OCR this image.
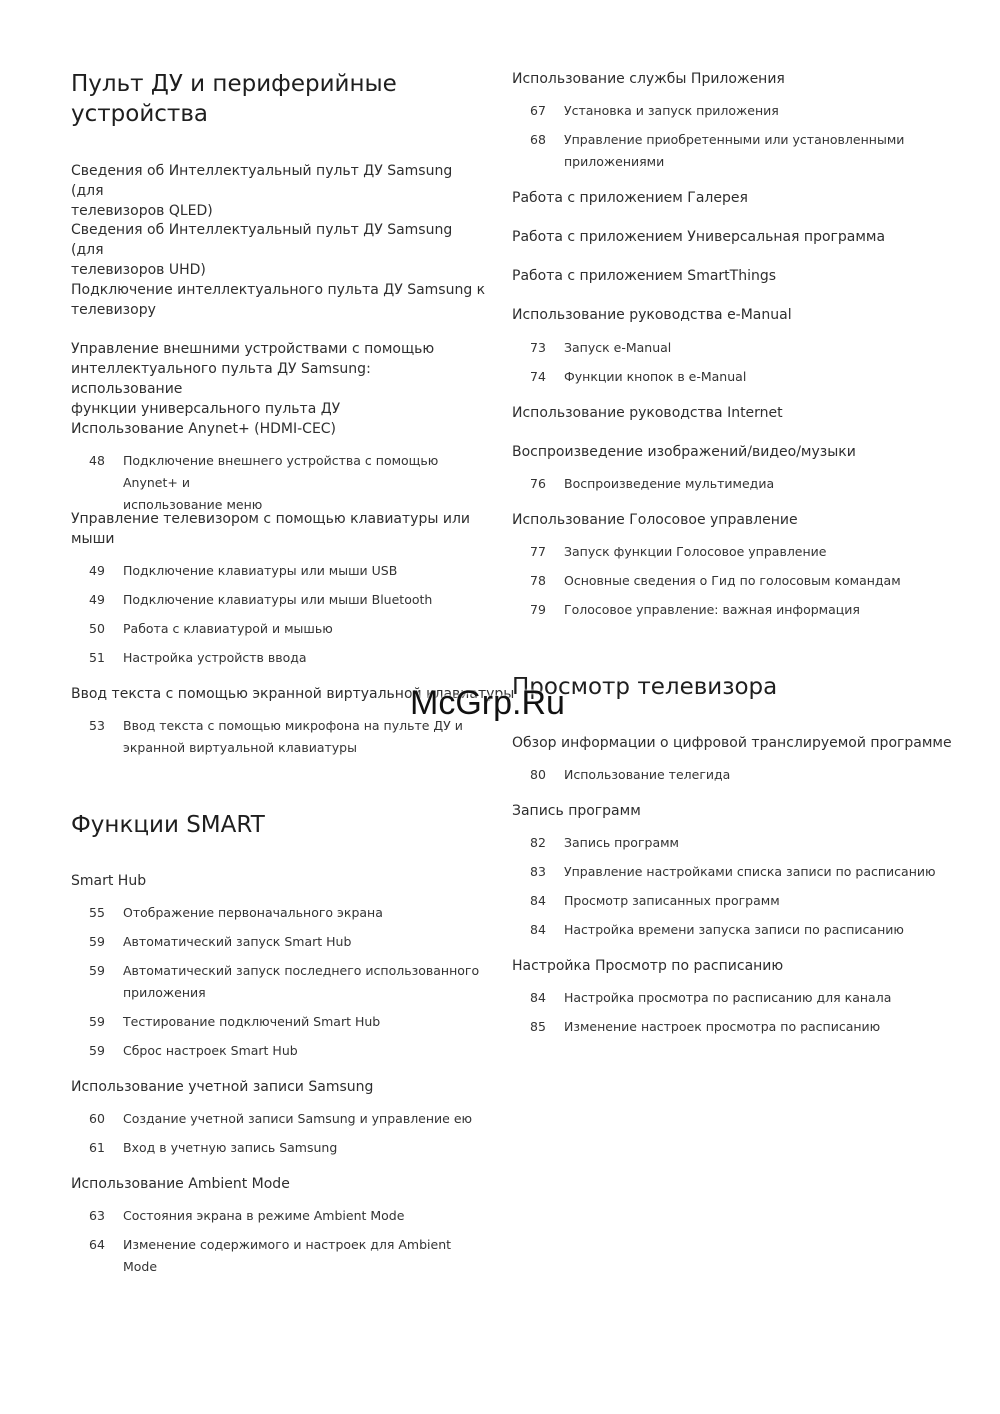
Пульт ДУ и периферийные
устройства
Сведения об Интеллектуальный пульт ДУ Samsung (для
телевизоров QLED)
Сведения об Интеллектуальный пульт ДУ Samsung (для
телевизоров UHD)
Подключение интеллектуального пульта ДУ Samsung к
телевизору
Управление внешними устройствами с помощью
интеллектуального пульта ДУ Samsung: использование
функции универсального пульта ДУ
Использование Anynet+ (HDMI-CEC)
48	Подключение внешнего устройства с помощью Anynet+ и
использование меню
Управление телевизором с помощью клавиатуры или
мыши
49	Подключение клавиатуры или мыши USB
49	Подключение клавиатуры или мыши Bluetooth
50	Работа с клавиатурой и мышью
51	Настройка устройств ввода
Ввод текста с помощью экранной виртуальной клавиатуры
53	Ввод текста с помощью микрофона на пульте ДУ и
экранной виртуальной клавиатуры
Функции SMART
Smart Hub
55	Отображение первоначального экрана
59	Автоматический запуск Smart Hub
59	Автоматический запуск последнего использованного
приложения
59	Тестирование подключений Smart Hub
59	Сброс настроек Smart Hub
Использование учетной записи Samsung
60	Создание учетной записи Samsung и управление ею
61	Вход в учетную запись Samsung
Использование Ambient Mode
63	Состояния экрана в режиме Ambient Mode
64	Изменение содержимого и настроек для Ambient Mode
Использование службы Приложения
67	Установка и запуск приложения
68	Управление приобретенными или установленными
приложениями
Работа с приложением Галерея
Работа с приложением Универсальная программа
Работа с приложением SmartThings
Использование руководства e-Manual
73	Запуск e-Manual
74	Функции кнопок в e-Manual
Использование руководства Internet
Воспроизведение изображений/видео/музыки
76	Воспроизведение мультимедиа
Использование Голосовое управление
77	Запуск функции Голосовое управление
78	Основные сведения о Гид по голосовым командам
79	Голосовое управление: важная информация
Просмотр телевизора
Обзор информации о цифровой транслируемой программе
80	Использование телегида
Запись программ
82	Запись программ
83	Управление настройками списка записи по расписанию
84	Просмотр записанных программ
84	Настройка времени запуска записи по расписанию
Настройка Просмотр по расписанию
84	Настройка просмотра по расписанию для канала
85	Изменение настроек просмотра по расписанию
McGrp.Ru
